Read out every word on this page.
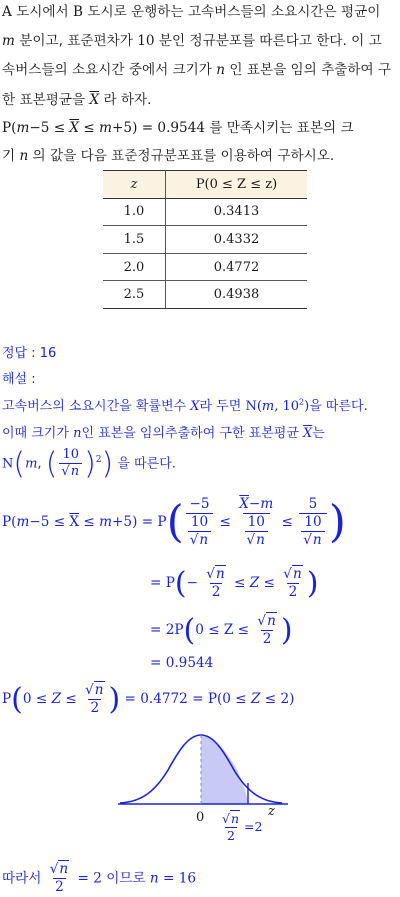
A 도시에서 B 도시로 운행하는 고속버스들의 소요시간은 평균이
m 분이고, 표준편차가 10 분인 정규분포를 따른다고 한다. 이 고
속버스들의 소요시간 중에서 크기가 n 인 표본을 임의 추출하여 구
한 표본평균을 $\overline{X}$ 라 하자.
$P(m-5 \le \overline{X} \le m+5) = 0.9544$ 를 만족시키는 표본의 크
기 n 의 값을 다음 표준정규분포표를 이용하여 구하시오.
z	P(0 ≤ Z ≤ z)
1.0	0.3413
1.5	0.4332
2.0	0.4772
2.5	0.4938
정답 : 16
해설 :
고속버스의 소요시간을 확률변수 X라 두면 N(m, $10^2$)을 따른다.
이때 크기가 n인 표본을 임의추출하여 구한 표본평균 $\overline{X}$는
N(m, ( $\frac{10}{√n} )^2$) 을 따른다.
$P(m-5 \le \overline{X} \le m+5) = P( \frac{-5}{\frac{10}{√n}} \le \frac{\overline{X}-m}{\frac{10}{√n}} \le \frac{5}{\frac{10}{√n}}$ )
= $P(- \frac{√n}{2} \le Z \le \frac{√n}{2}$ )
= $2P(0 \le Z \le \frac{√n}{2}$ )
= 0.9544
$P(0 \le Z \le \frac{√n}{2}$ ) = 0.4772 = P(0 ≤ Z ≤ 2)
0	z
$\frac{√n}{2} =2$
따라서 $\frac{√n}{2} = 2$ 이므로 n = 16
